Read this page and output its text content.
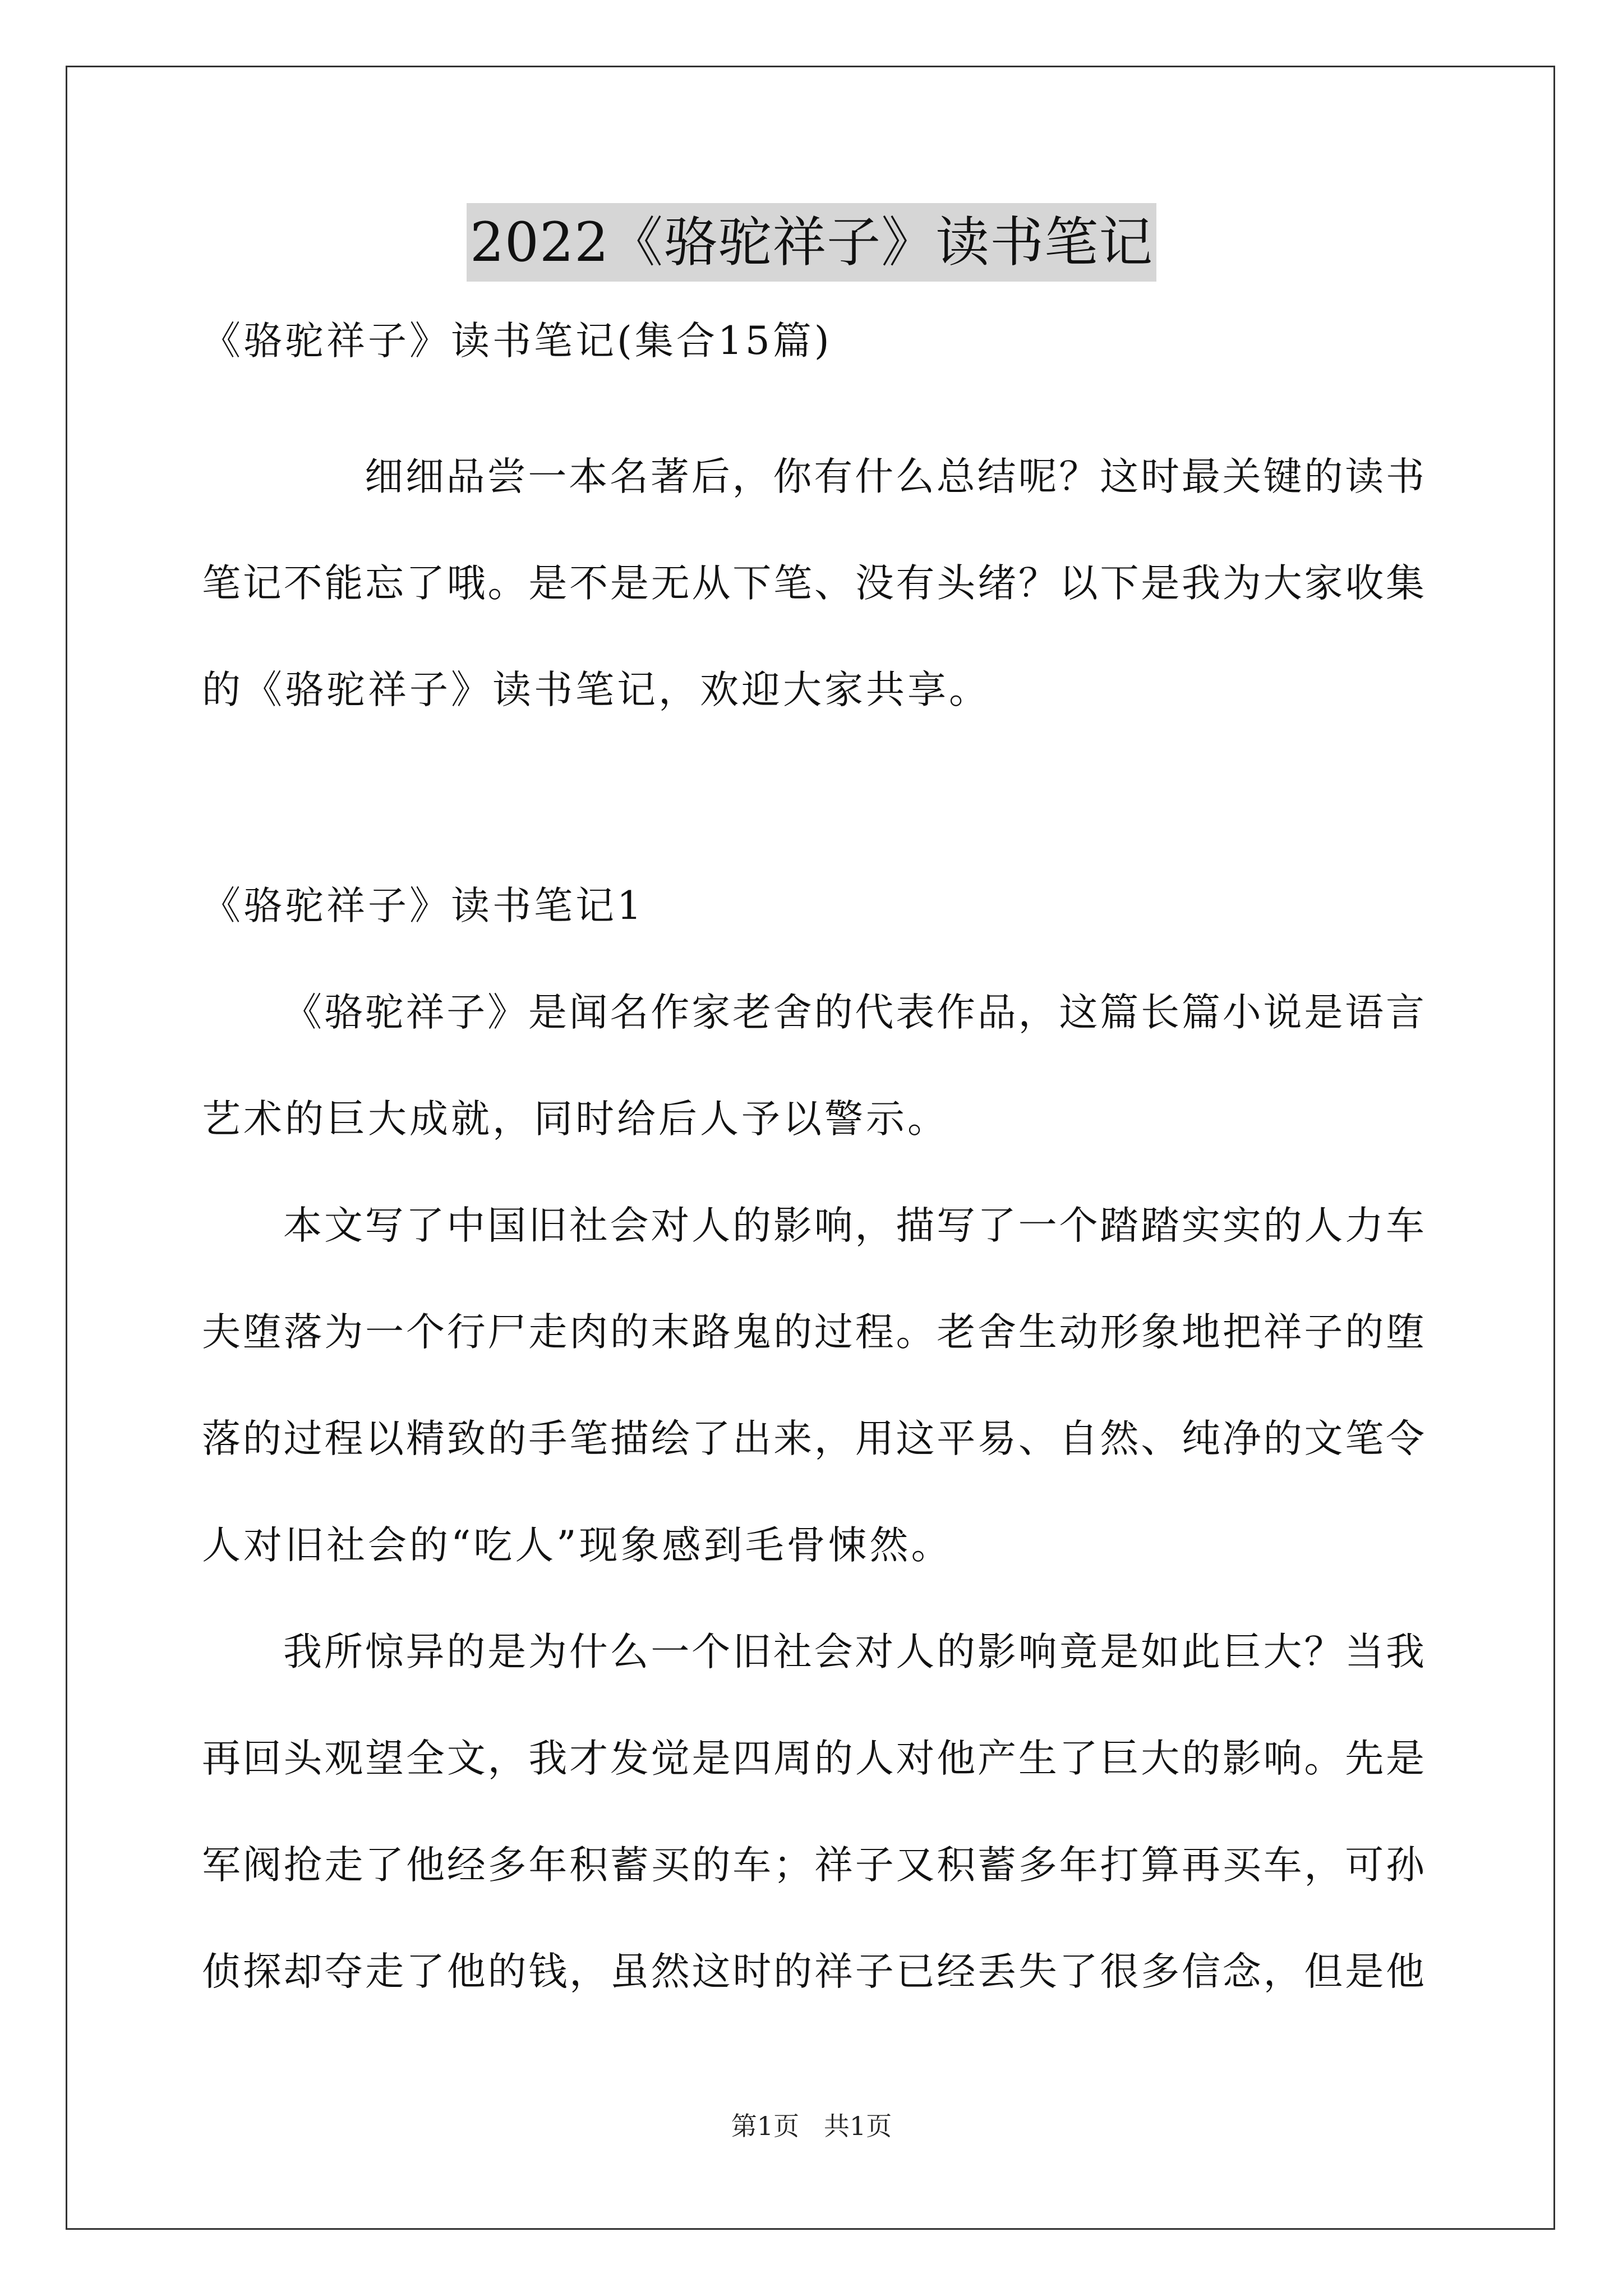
2022《骆驼祥子》读书笔记
《骆驼祥子》读书笔记(集合15篇)
细细品尝一本名著后，你有什么总结呢？这时最关键的读书
笔记不能忘了哦。是不是无从下笔、没有头绪？以下是我为大家收集
的《骆驼祥子》读书笔记，欢迎大家共享。
《骆驼祥子》读书笔记1
《骆驼祥子》是闻名作家老舍的代表作品，这篇长篇小说是语言
艺术的巨大成就，同时给后人予以警示。
本文写了中国旧社会对人的影响，描写了一个踏踏实实的人力车
夫堕落为一个行尸走肉的末路鬼的过程。老舍生动形象地把祥子的堕
落的过程以精致的手笔描绘了出来，用这平易、自然、纯净的文笔令
人对旧社会的“吃人”现象感到毛骨悚然。
我所惊异的是为什么一个旧社会对人的影响竟是如此巨大？当我
再回头观望全文，我才发觉是四周的人对他产生了巨大的影响。先是
军阀抢走了他经多年积蓄买的车；祥子又积蓄多年打算再买车，可孙
侦探却夺走了他的钱，虽然这时的祥子已经丢失了很多信念，但是他
第1页   共1页
